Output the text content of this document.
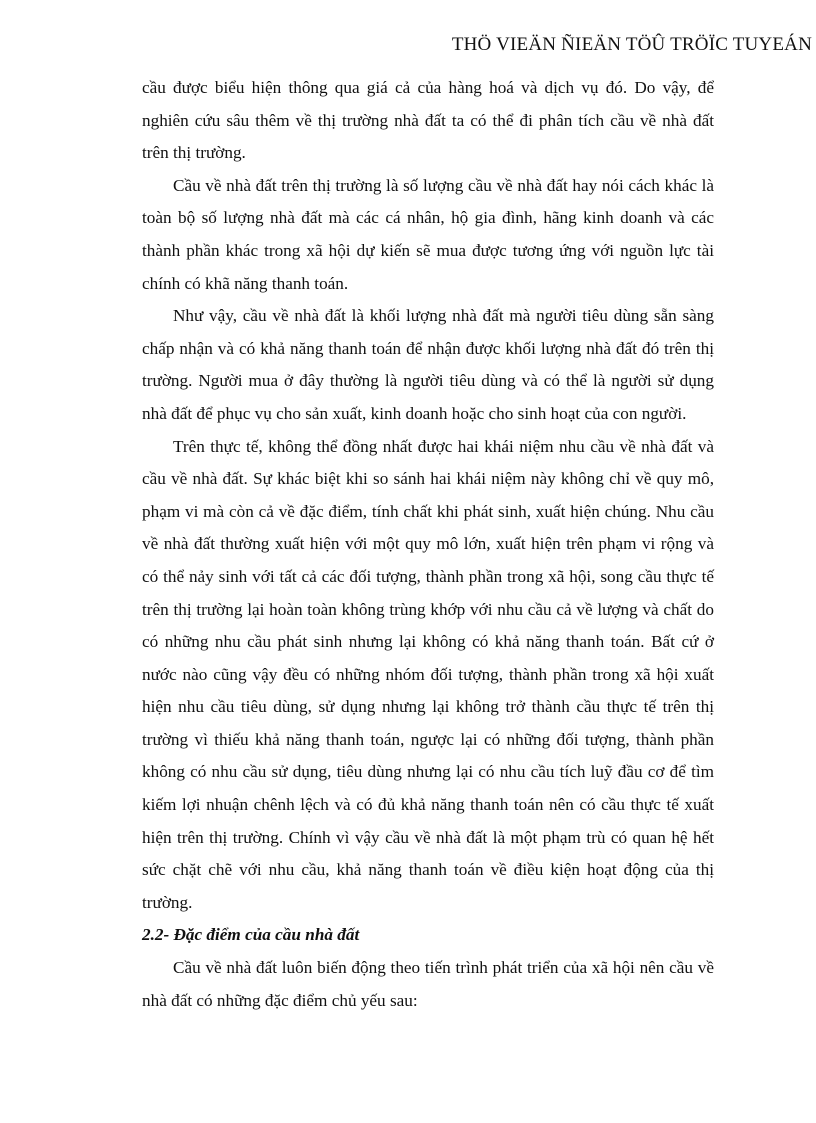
THÖ VIEÄN ÑIEÄN TÖÛ TRÖÏC TUYEÁN

cầu được biểu hiện thông qua giá cả của hàng hoá và dịch vụ đó. Do vậy, để nghiên cứu sâu thêm về thị trường nhà đất ta có thể đi phân tích cầu về nhà đất trên thị trường.

Cầu về nhà đất trên thị trường là số lượng cầu về nhà đất hay nói cách khác là toàn bộ số lượng nhà đất mà các cá nhân, hộ gia đình, hãng kinh doanh và các thành phần khác trong xã hội dự kiến sẽ mua được tương ứng với nguồn lực tài chính có khã năng thanh toán.

Như vậy, cầu về nhà đất là khối lượng nhà đất mà người tiêu dùng sẵn sàng chấp nhận và có khả năng thanh toán để nhận được khối lượng nhà đất đó trên thị trường. Người mua ở đây thường là người tiêu dùng và có thể là người sử dụng nhà đất để phục vụ cho sản xuất, kinh doanh hoặc cho sinh hoạt của con người.

Trên thực tế, không thể đồng nhất được hai khái niệm nhu cầu về nhà đất và cầu về nhà đất. Sự khác biệt khi so sánh hai khái niệm này không chỉ về quy mô, phạm vi mà còn cả về đặc điểm, tính chất khi phát sinh, xuất hiện chúng. Nhu cầu về nhà đất thường xuất hiện với một quy mô lớn, xuất hiện trên phạm vi rộng và có thể nảy sinh với tất cả các đối tượng, thành phần trong xã hội, song cầu thực tế trên thị trường lại hoàn toàn không trùng khớp với nhu cầu cả về lượng và chất do có những nhu cầu phát sinh nhưng lại không có khả năng thanh toán. Bất cứ ở nước nào cũng vậy đều có những nhóm đối tượng, thành phần trong xã hội xuất hiện nhu cầu tiêu dùng, sử dụng nhưng lại không trở thành cầu thực tế trên thị trường vì thiếu khả năng thanh toán, ngược lại có những đối tượng, thành phần không có nhu cầu sử dụng, tiêu dùng nhưng lại có nhu cầu tích luỹ đầu cơ để tìm kiếm lợi nhuận chênh lệch và có đủ khả năng thanh toán nên có cầu thực tế xuất hiện trên thị trường. Chính vì vậy cầu về nhà đất là một phạm trù có quan hệ hết sức chặt chẽ với nhu cầu, khả năng thanh toán về điều kiện hoạt động của thị trường.

2.2- Đặc điểm của cầu nhà đất

Cầu về nhà đất luôn biến động theo tiến trình phát triển của xã hội nên cầu về nhà đất có những đặc điểm chủ yếu sau:
